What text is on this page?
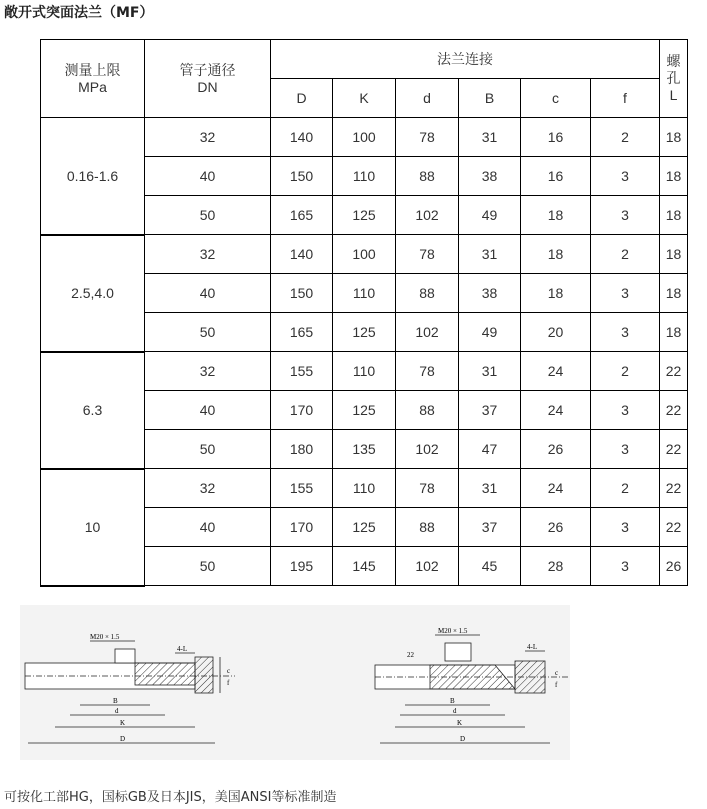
敞开式突面法兰（MF）
测量上限
MPa	管子通径
DN	法兰连接						螺
孔
L

		D	K	d	B	c	f	
0.16-1.6	32	140	100	78	31	16	2	18
	40	150	110	88	38	16	3	18
	50	165	125	102	49	18	3	18
2.5,4.0	32	140	100	78	31	18	2	18
	40	150	110	88	38	18	3	18
	50	165	125	102	49	20	3	18
6.3	32	155	110	78	31	24	2	22
	40	170	125	88	37	24	3	22
	50	180	135	102	47	26	3	22
10	32	155	110	78	31	24	2	22
	40	170	125	88	37	26	3	22
	50	195	145	102	45	28	3	26
M20 × 1.5
B
d
K
D
4-L
c
f
M20 × 1.5
22
B
d
K
D
4-L
c
f
可按化工部HG，国标GB及日本JIS，美国ANSI等标准制造
